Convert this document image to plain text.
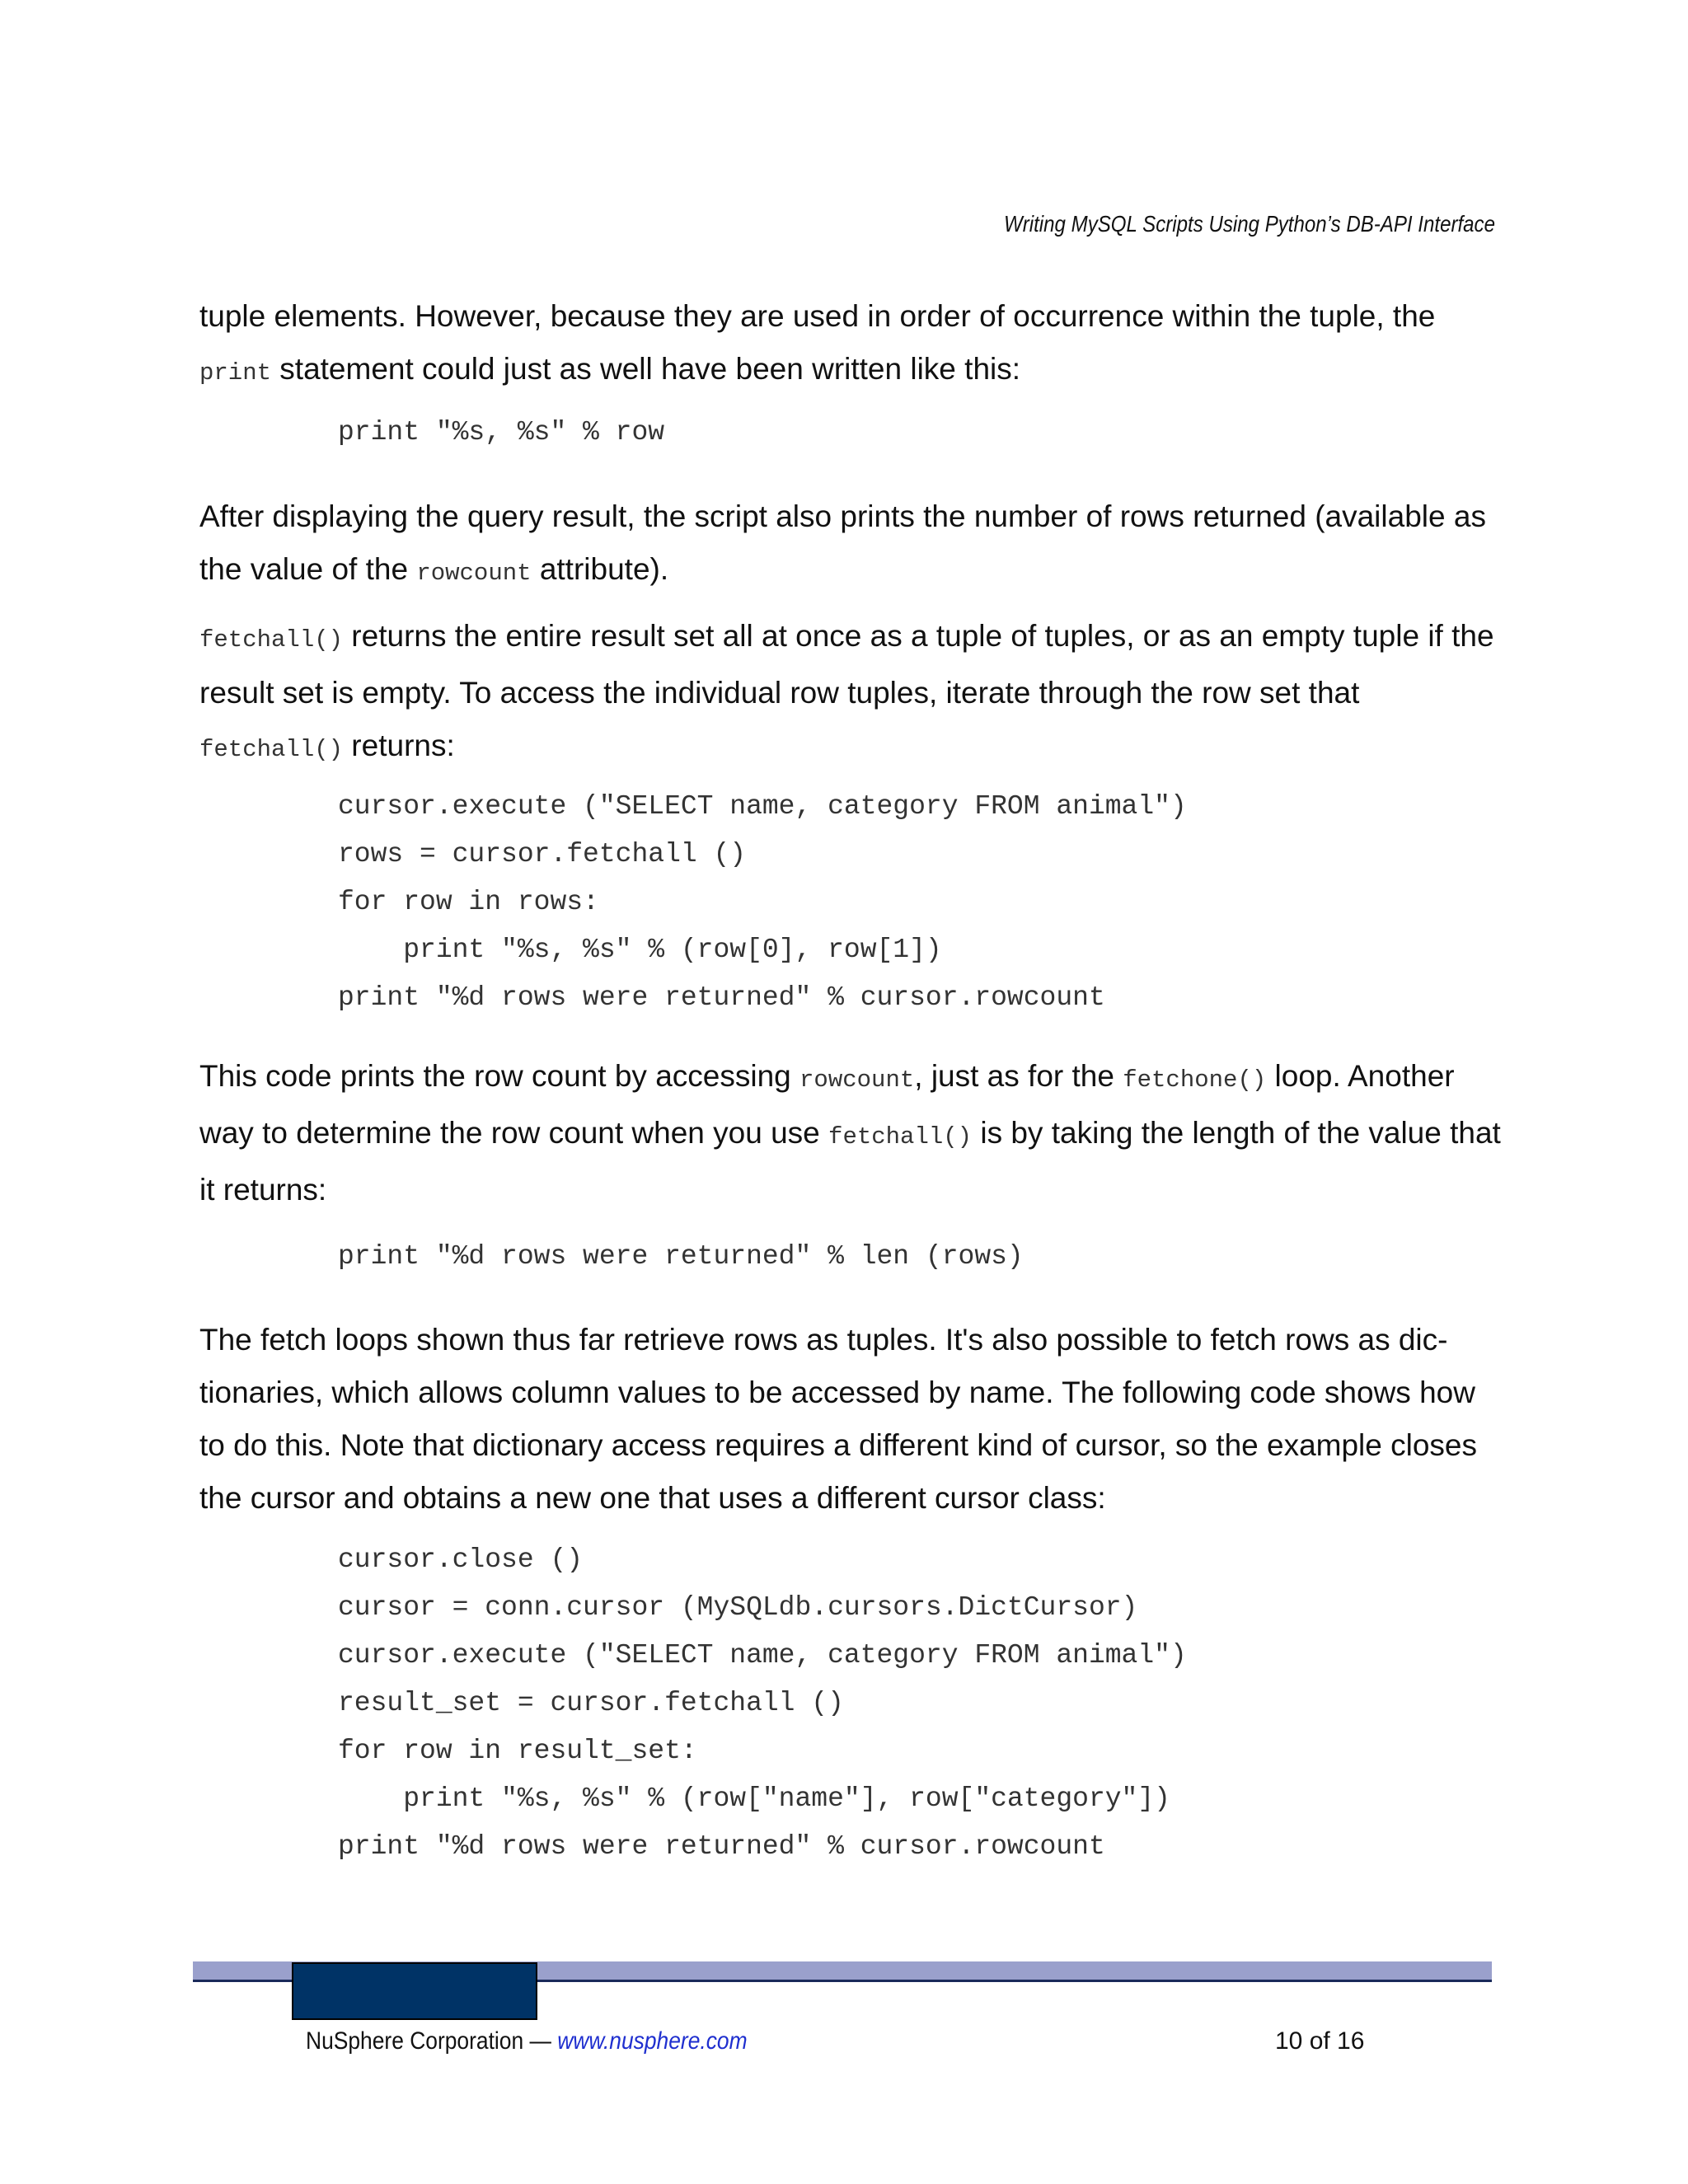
Writing MySQL Scripts Using Python’s DB-API Interface
tuple elements. However, because they are used in order of occurrence within the tuple, the print statement could just as well have been written like this:
print "%s, %s" % row
After displaying the query result, the script also prints the number of rows returned (available as the value of the rowcount attribute).
fetchall() returns the entire result set all at once as a tuple of tuples, or as an empty tuple if the result set is empty. To access the individual row tuples, iterate through the row set that fetchall() returns:
cursor.execute ("SELECT name, category FROM animal")
rows = cursor.fetchall ()
for row in rows:
print "%s, %s" % (row[0], row[1])
print "%d rows were returned" % cursor.rowcount
This code prints the row count by accessing rowcount, just as for the fetchone() loop. Another way to determine the row count when you use fetchall() is by taking the length of the value that it returns:
print "%d rows were returned" % len (rows)
The fetch loops shown thus far retrieve rows as tuples. It's also possible to fetch rows as dic-tionaries, which allows column values to be accessed by name. The following code shows how to do this. Note that dictionary access requires a different kind of cursor, so the example closes the cursor and obtains a new one that uses a different cursor class:
cursor.close ()
cursor = conn.cursor (MySQLdb.cursors.DictCursor)
cursor.execute ("SELECT name, category FROM animal")
result_set = cursor.fetchall ()
for row in result_set:
print "%s, %s" % (row["name"], row["category"])
print "%d rows were returned" % cursor.rowcount
NuSphere Corporation — www.nusphere.com	10 of 16
